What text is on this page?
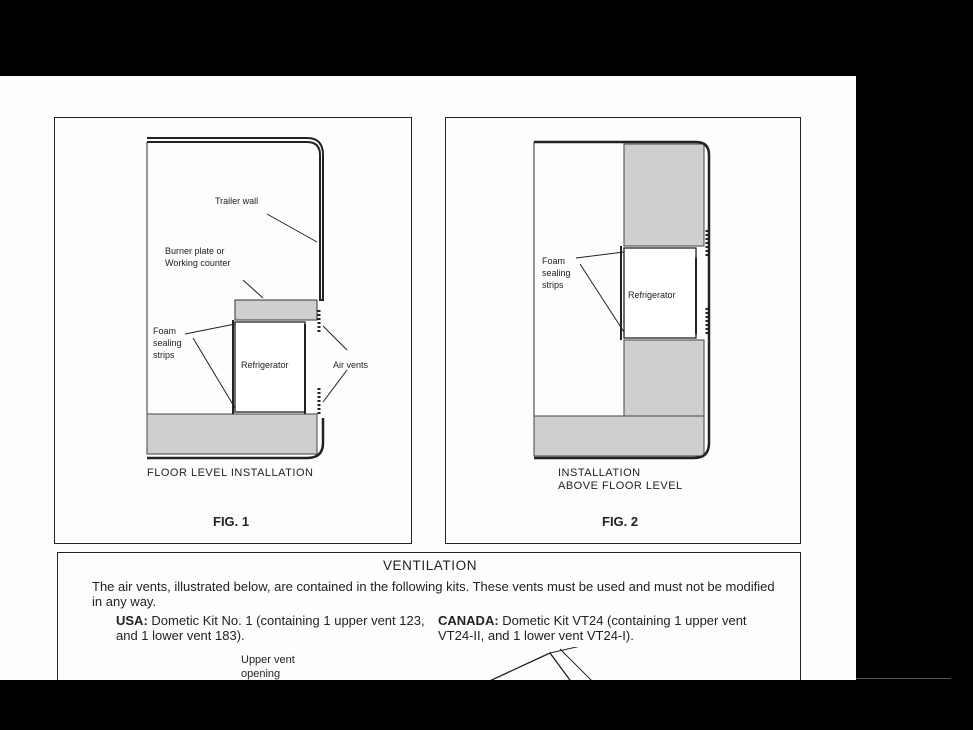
Trailer wall
Burner plate or
Working counter
Foam
sealing
strips
Refrigerator	Air vents
FLOOR LEVEL INSTALLATION
FIG. 1
Foam
sealing
strips
Refrigerator
INSTALLATION
ABOVE FLOOR LEVEL
FIG. 2
VENTILATION
The air vents, illustrated below, are contained in the following kits. These vents must be used and must not be modified in any way.
USA: Dometic Kit No. 1 (containing 1 upper vent 123, and 1 lower vent 183).
CANADA: Dometic Kit VT24 (containing 1 upper vent VT24-II, and 1 lower vent VT24-I).
Upper vent opening
